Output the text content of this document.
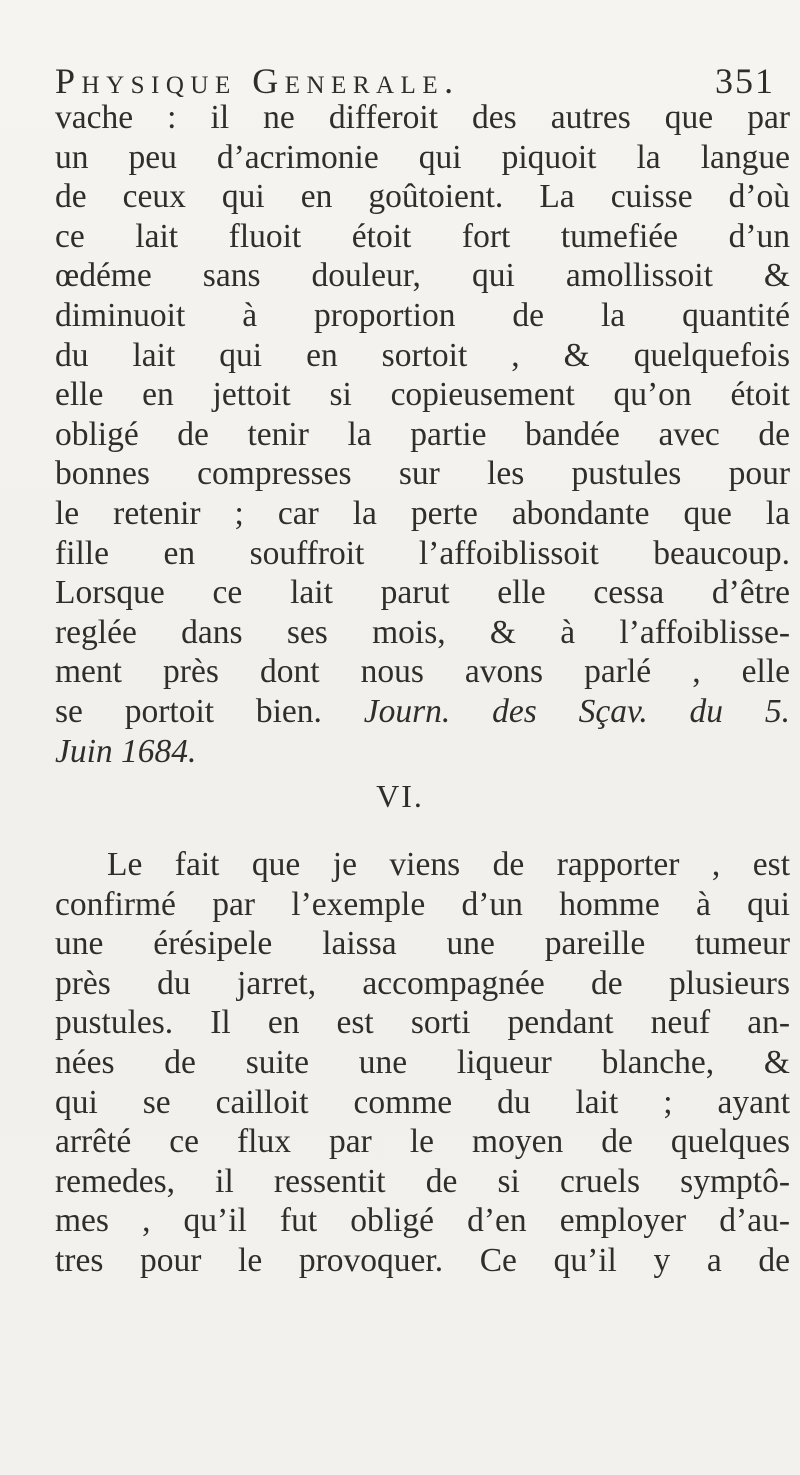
Physique Generale.	351
vache : il ne differoit des autres que par
un peu d’acrimonie qui piquoit la langue
de ceux qui en goûtoient. La cuisse d’où
ce lait fluoit étoit fort tumefiée d’un
œdéme sans douleur, qui amollissoit &
diminuoit à proportion de la quantité
du lait qui en sortoit , & quelquefois
elle en jettoit si copieusement qu’on étoit
obligé de tenir la partie bandée avec de
bonnes compresses sur les pustules pour
le retenir ; car la perte abondante que la
fille en souffroit l’affoiblissoit beaucoup.
Lorsque ce lait parut elle cessa d’être
reglée dans ses mois, & à l’affoiblisse-
ment près dont nous avons parlé , elle
se portoit bien. Journ. des Sçav. du 5.
Juin 1684.
VI.
Le fait que je viens de rapporter , est
confirmé par l’exemple d’un homme à qui
une érésipele laissa une pareille tumeur
près du jarret, accompagnée de plusieurs
pustules. Il en est sorti pendant neuf an-
nées de suite une liqueur blanche, &
qui se cailloit comme du lait ; ayant
arrêté ce flux par le moyen de quelques
remedes, il ressentit de si cruels symptô-
mes , qu’il fut obligé d’en employer d’au-
tres pour le provoquer. Ce qu’il y a de
